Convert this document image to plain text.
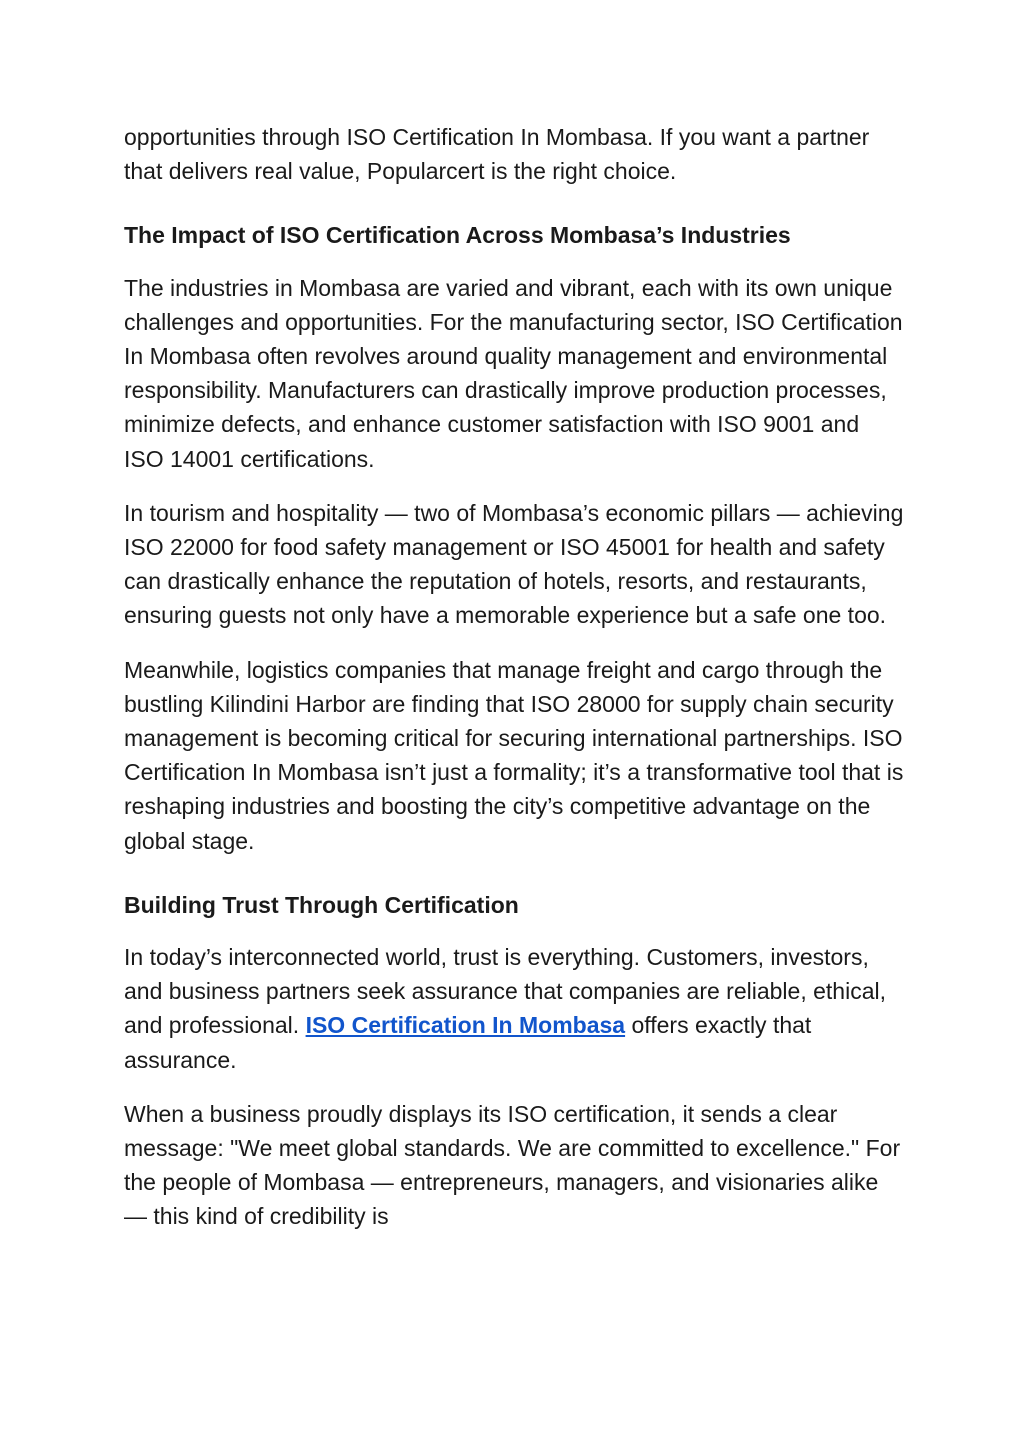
opportunities through ISO Certification In Mombasa. If you want a partner that delivers real value, Popularcert is the right choice.

The Impact of ISO Certification Across Mombasa’s Industries

The industries in Mombasa are varied and vibrant, each with its own unique challenges and opportunities. For the manufacturing sector, ISO Certification In Mombasa often revolves around quality management and environmental responsibility. Manufacturers can drastically improve production processes, minimize defects, and enhance customer satisfaction with ISO 9001 and ISO 14001 certifications.

In tourism and hospitality — two of Mombasa’s economic pillars — achieving ISO 22000 for food safety management or ISO 45001 for health and safety can drastically enhance the reputation of hotels, resorts, and restaurants, ensuring guests not only have a memorable experience but a safe one too.

Meanwhile, logistics companies that manage freight and cargo through the bustling Kilindini Harbor are finding that ISO 28000 for supply chain security management is becoming critical for securing international partnerships. ISO Certification In Mombasa isn’t just a formality; it’s a transformative tool that is reshaping industries and boosting the city’s competitive advantage on the global stage.

Building Trust Through Certification

In today’s interconnected world, trust is everything. Customers, investors, and business partners seek assurance that companies are reliable, ethical, and professional. ISO Certification In Mombasa offers exactly that assurance.

When a business proudly displays its ISO certification, it sends a clear message: "We meet global standards. We are committed to excellence." For the people of Mombasa — entrepreneurs, managers, and visionaries alike — this kind of credibility is
